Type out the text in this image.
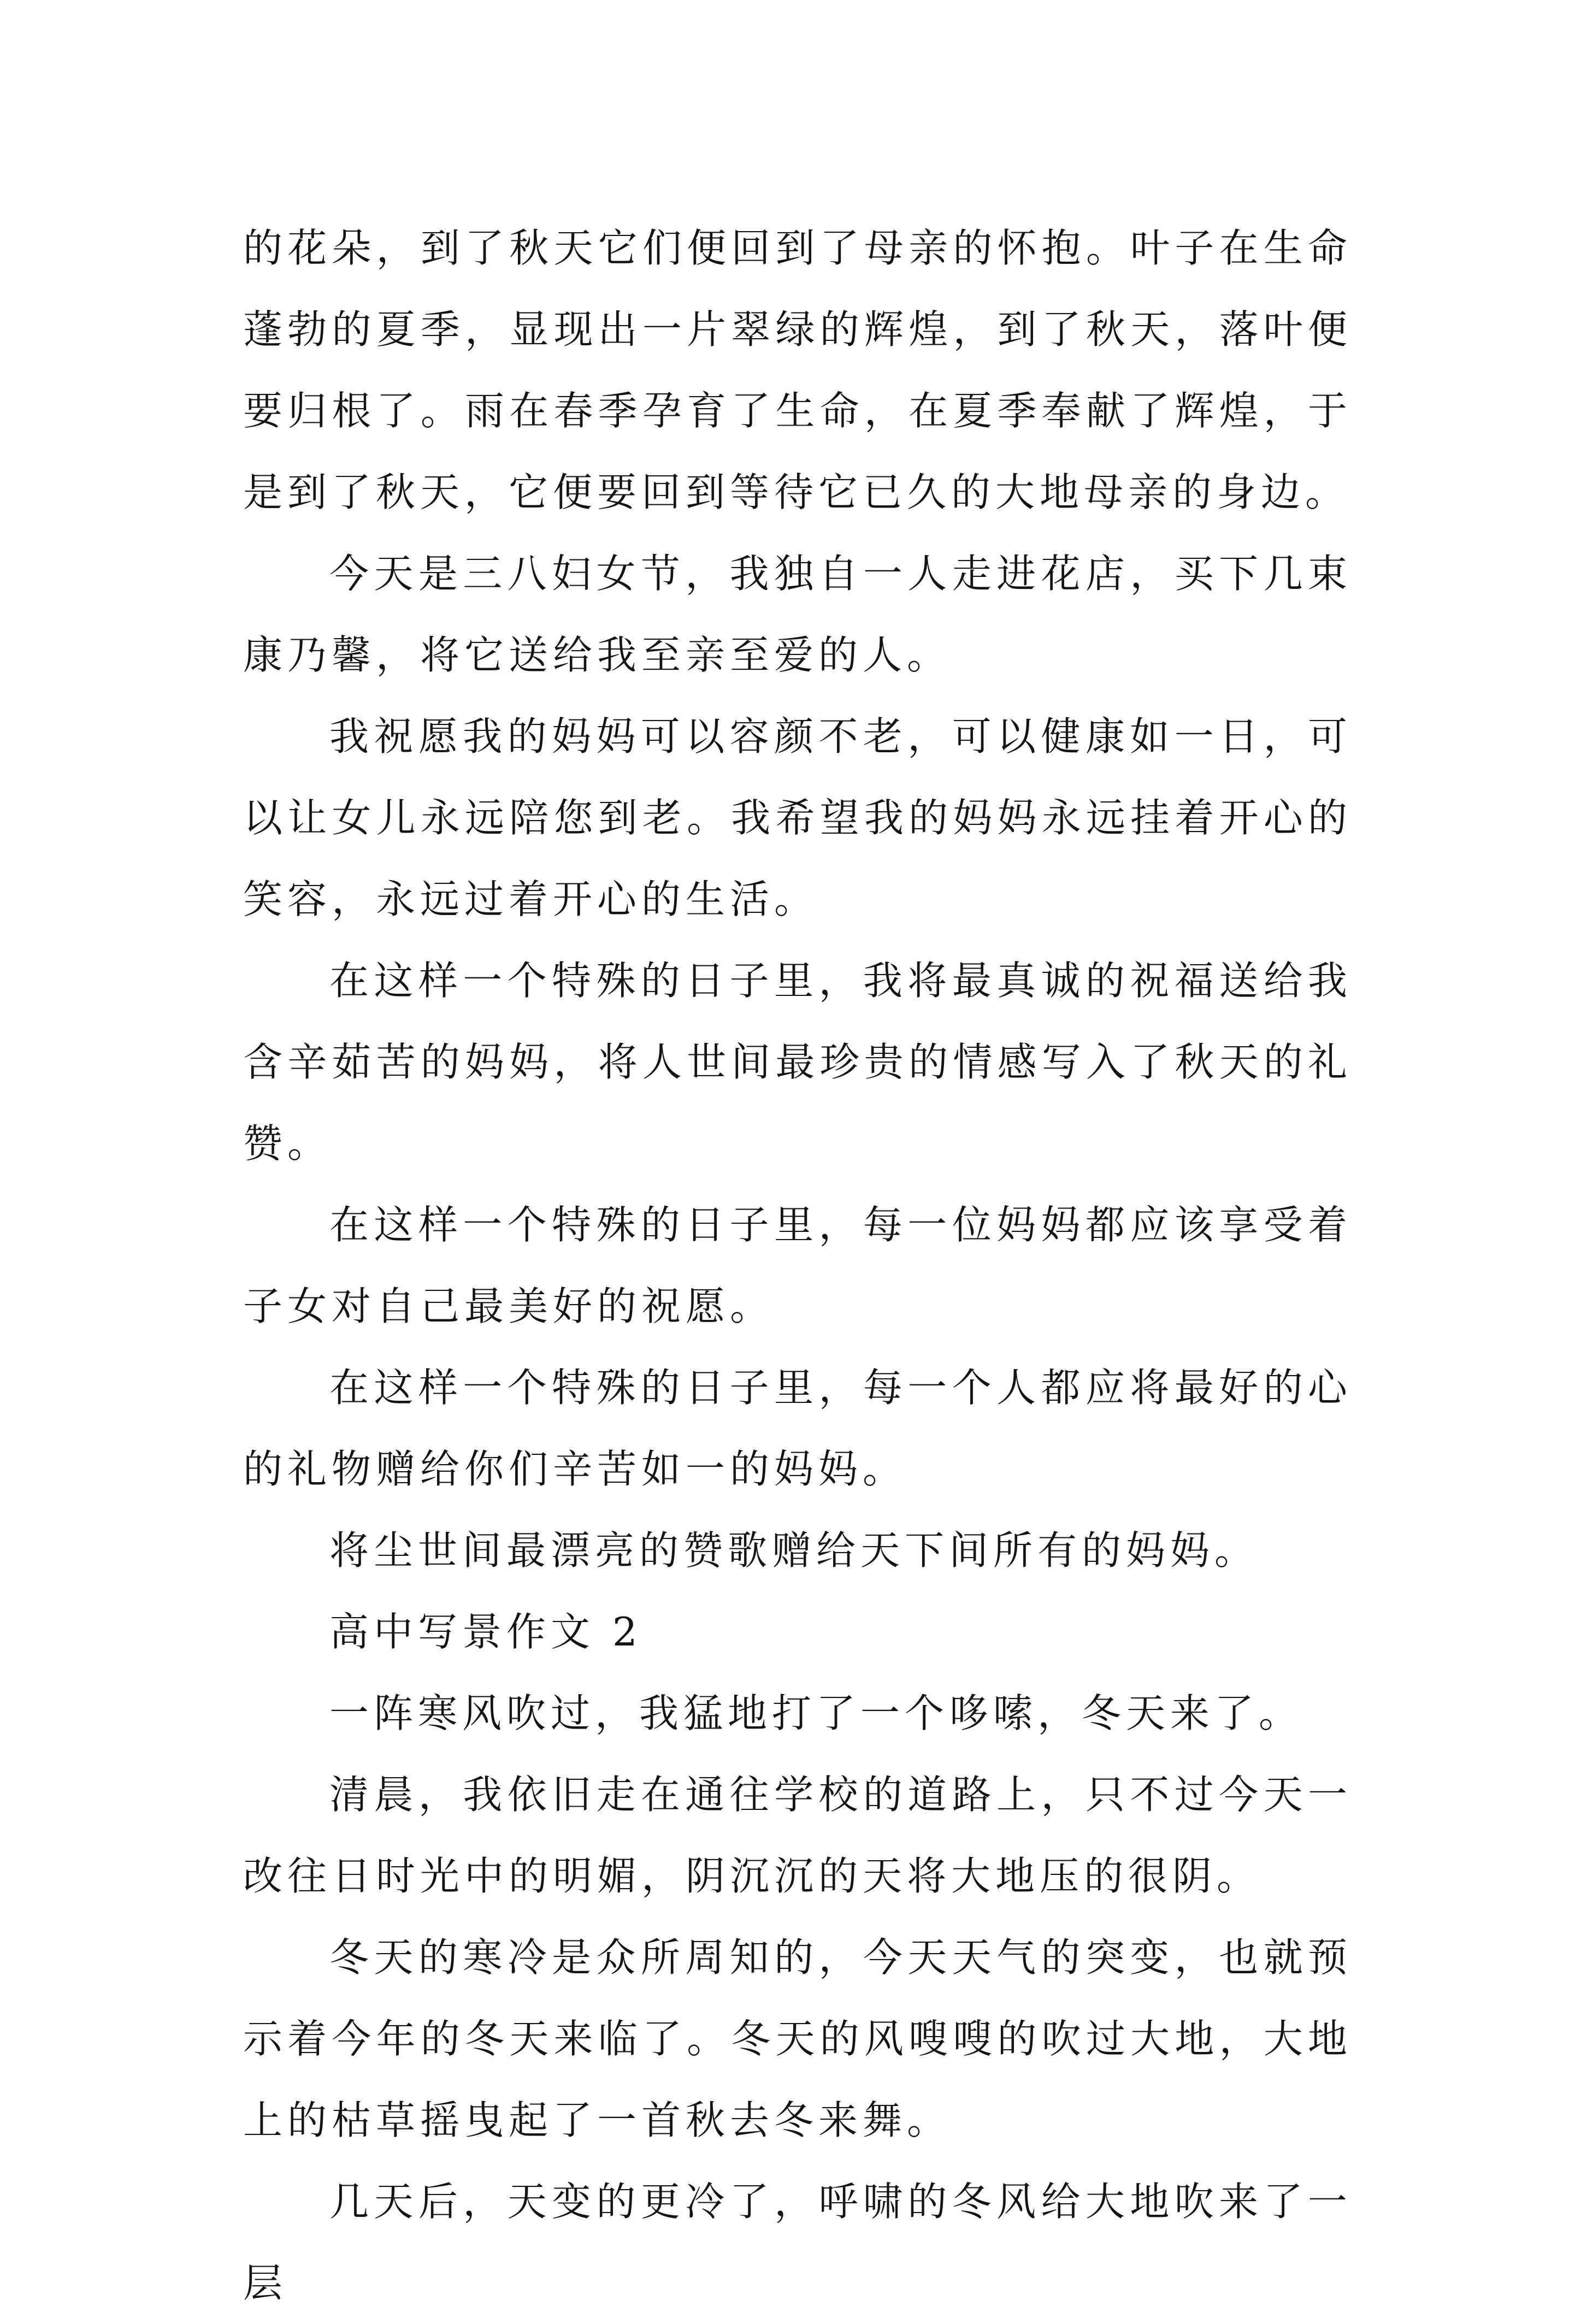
的花朵，到了秋天它们便回到了母亲的怀抱。叶子在生命蓬勃的夏季，显现出一片翠绿的辉煌，到了秋天，落叶便要归根了。雨在春季孕育了生命，在夏季奉献了辉煌，于是到了秋天，它便要回到等待它已久的大地母亲的身边。

今天是三八妇女节，我独自一人走进花店，买下几束康乃馨，将它送给我至亲至爱的人。

我祝愿我的妈妈可以容颜不老，可以健康如一日，可以让女儿永远陪您到老。我希望我的妈妈永远挂着开心的笑容，永远过着开心的生活。

在这样一个特殊的日子里，我将最真诚的祝福送给我含辛茹苦的妈妈，将人世间最珍贵的情感写入了秋天的礼赞。

在这样一个特殊的日子里，每一位妈妈都应该享受着子女对自己最美好的祝愿。

在这样一个特殊的日子里，每一个人都应将最好的心的礼物赠给你们辛苦如一的妈妈。

将尘世间最漂亮的赞歌赠给天下间所有的妈妈。

高中写景作文 2

一阵寒风吹过，我猛地打了一个哆嗦，冬天来了。

清晨，我依旧走在通往学校的道路上，只不过今天一改往日时光中的明媚，阴沉沉的天将大地压的很阴。

冬天的寒冷是众所周知的，今天天气的突变，也就预示着今年的冬天来临了。冬天的风嗖嗖的吹过大地，大地上的枯草摇曳起了一首秋去冬来舞。

几天后，天变的更冷了，呼啸的冬风给大地吹来了一层
